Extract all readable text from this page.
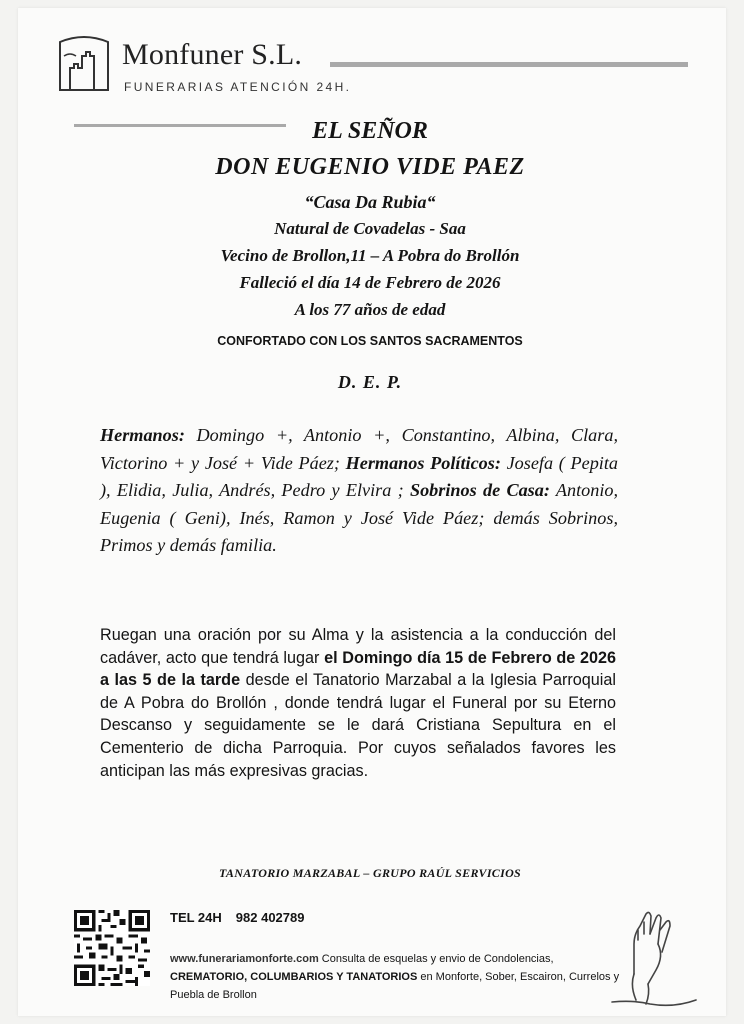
Monfuner S.L.
FUNERARIAS ATENCIÓN 24H.
EL SEÑOR
DON EUGENIO VIDE PAEZ
“Casa Da Rubia“
Natural de Covadelas - Saa
Vecino de Brollon,11 – A Pobra do Brollón
Falleció el día 14 de Febrero de 2026
A los 77 años de edad
CONFORTADO CON LOS SANTOS SACRAMENTOS
D. E. P.
Hermanos: Domingo +, Antonio +, Constantino, Albina, Clara, Victorino + y José + Vide Páez; Hermanos Políticos: Josefa ( Pepita ), Elidia, Julia, Andrés, Pedro y Elvira ; Sobrinos de Casa: Antonio, Eugenia ( Geni), Inés, Ramon y José Vide Páez; demás Sobrinos, Primos y demás familia.
Ruegan una oración por su Alma y la asistencia a la conducción del cadáver, acto que tendrá lugar el Domingo día 15 de Febrero de 2026 a las 5 de la tarde desde el Tanatorio Marzabal a la Iglesia Parroquial de A Pobra do Brollón , donde tendrá lugar el Funeral por su Eterno Descanso y seguidamente se le dará Cristiana Sepultura en el Cementerio de dicha Parroquia. Por cuyos señalados favores les anticipan las más expresivas gracias.
TANATORIO MARZABAL – GRUPO RAÚL SERVICIOS
TEL 24H 982 402789
www.funerariamonforte.com Consulta de esquelas y envio de Condolencias, CREMATORIO, COLUMBARIOS Y TANATORIOS en Monforte, Sober, Escairon, Currelos y Puebla de Brollon
